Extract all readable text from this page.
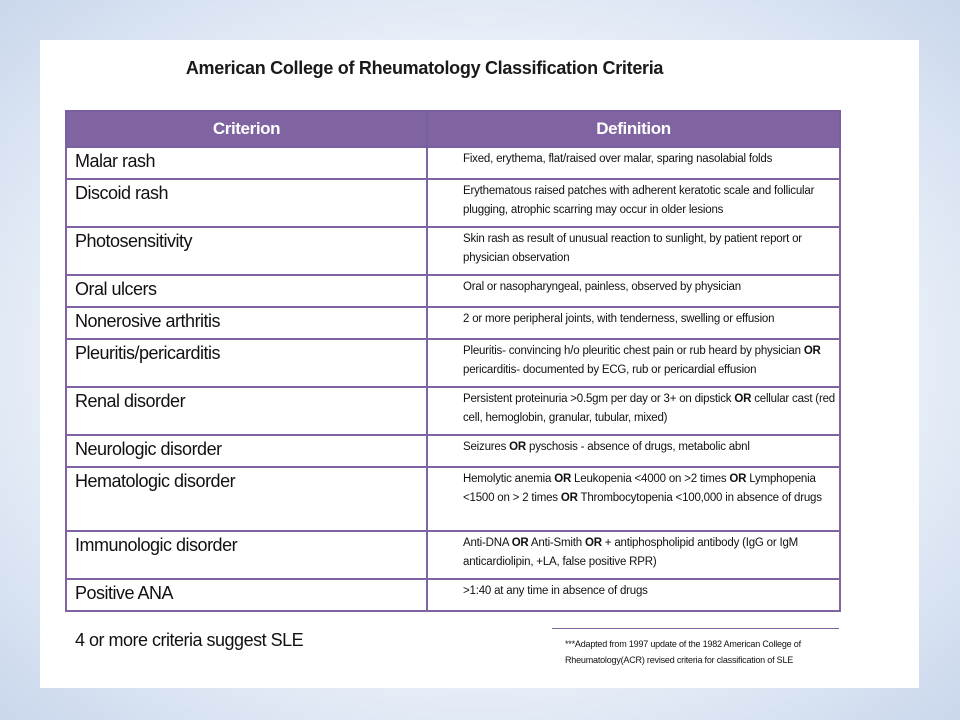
American College of Rheumatology Classification Criteria
Criterion	Definition
Malar rash	Fixed, erythema, flat/raised over malar, sparing nasolabial folds
Discoid rash	Erythematous raised patches with adherent keratotic scale and follicular plugging, atrophic scarring may occur in older lesions
Photosensitivity	Skin rash as result of unusual reaction to sunlight, by patient report or physician observation
Oral ulcers	Oral or nasopharyngeal, painless, observed by physician
Nonerosive arthritis	2 or more peripheral joints, with tenderness, swelling or effusion
Pleuritis/pericarditis	Pleuritis- convincing h/o pleuritic chest pain or rub heard by physician OR pericarditis- documented by ECG, rub or pericardial effusion
Renal disorder	Persistent proteinuria >0.5gm per day or 3+ on dipstick OR cellular cast (red cell, hemoglobin, granular, tubular, mixed)
Neurologic disorder	Seizures OR pyschosis - absence of drugs, metabolic abnl
Hematologic disorder	Hemolytic anemia OR Leukopenia <4000 on >2 times OR Lymphopenia <1500 on > 2 times OR Thrombocytopenia <100,000 in absence of drugs
Immunologic disorder	Anti-DNA OR Anti-Smith OR + antiphospholipid antibody (IgG or IgM anticardiolipin, +LA, false positive RPR)
Positive ANA	>1:40 at any time in absence of drugs
4 or more criteria suggest SLE	***Adapted from 1997 update of the 1982 American College of Rheumatology(ACR) revised criteria for classification of SLE
